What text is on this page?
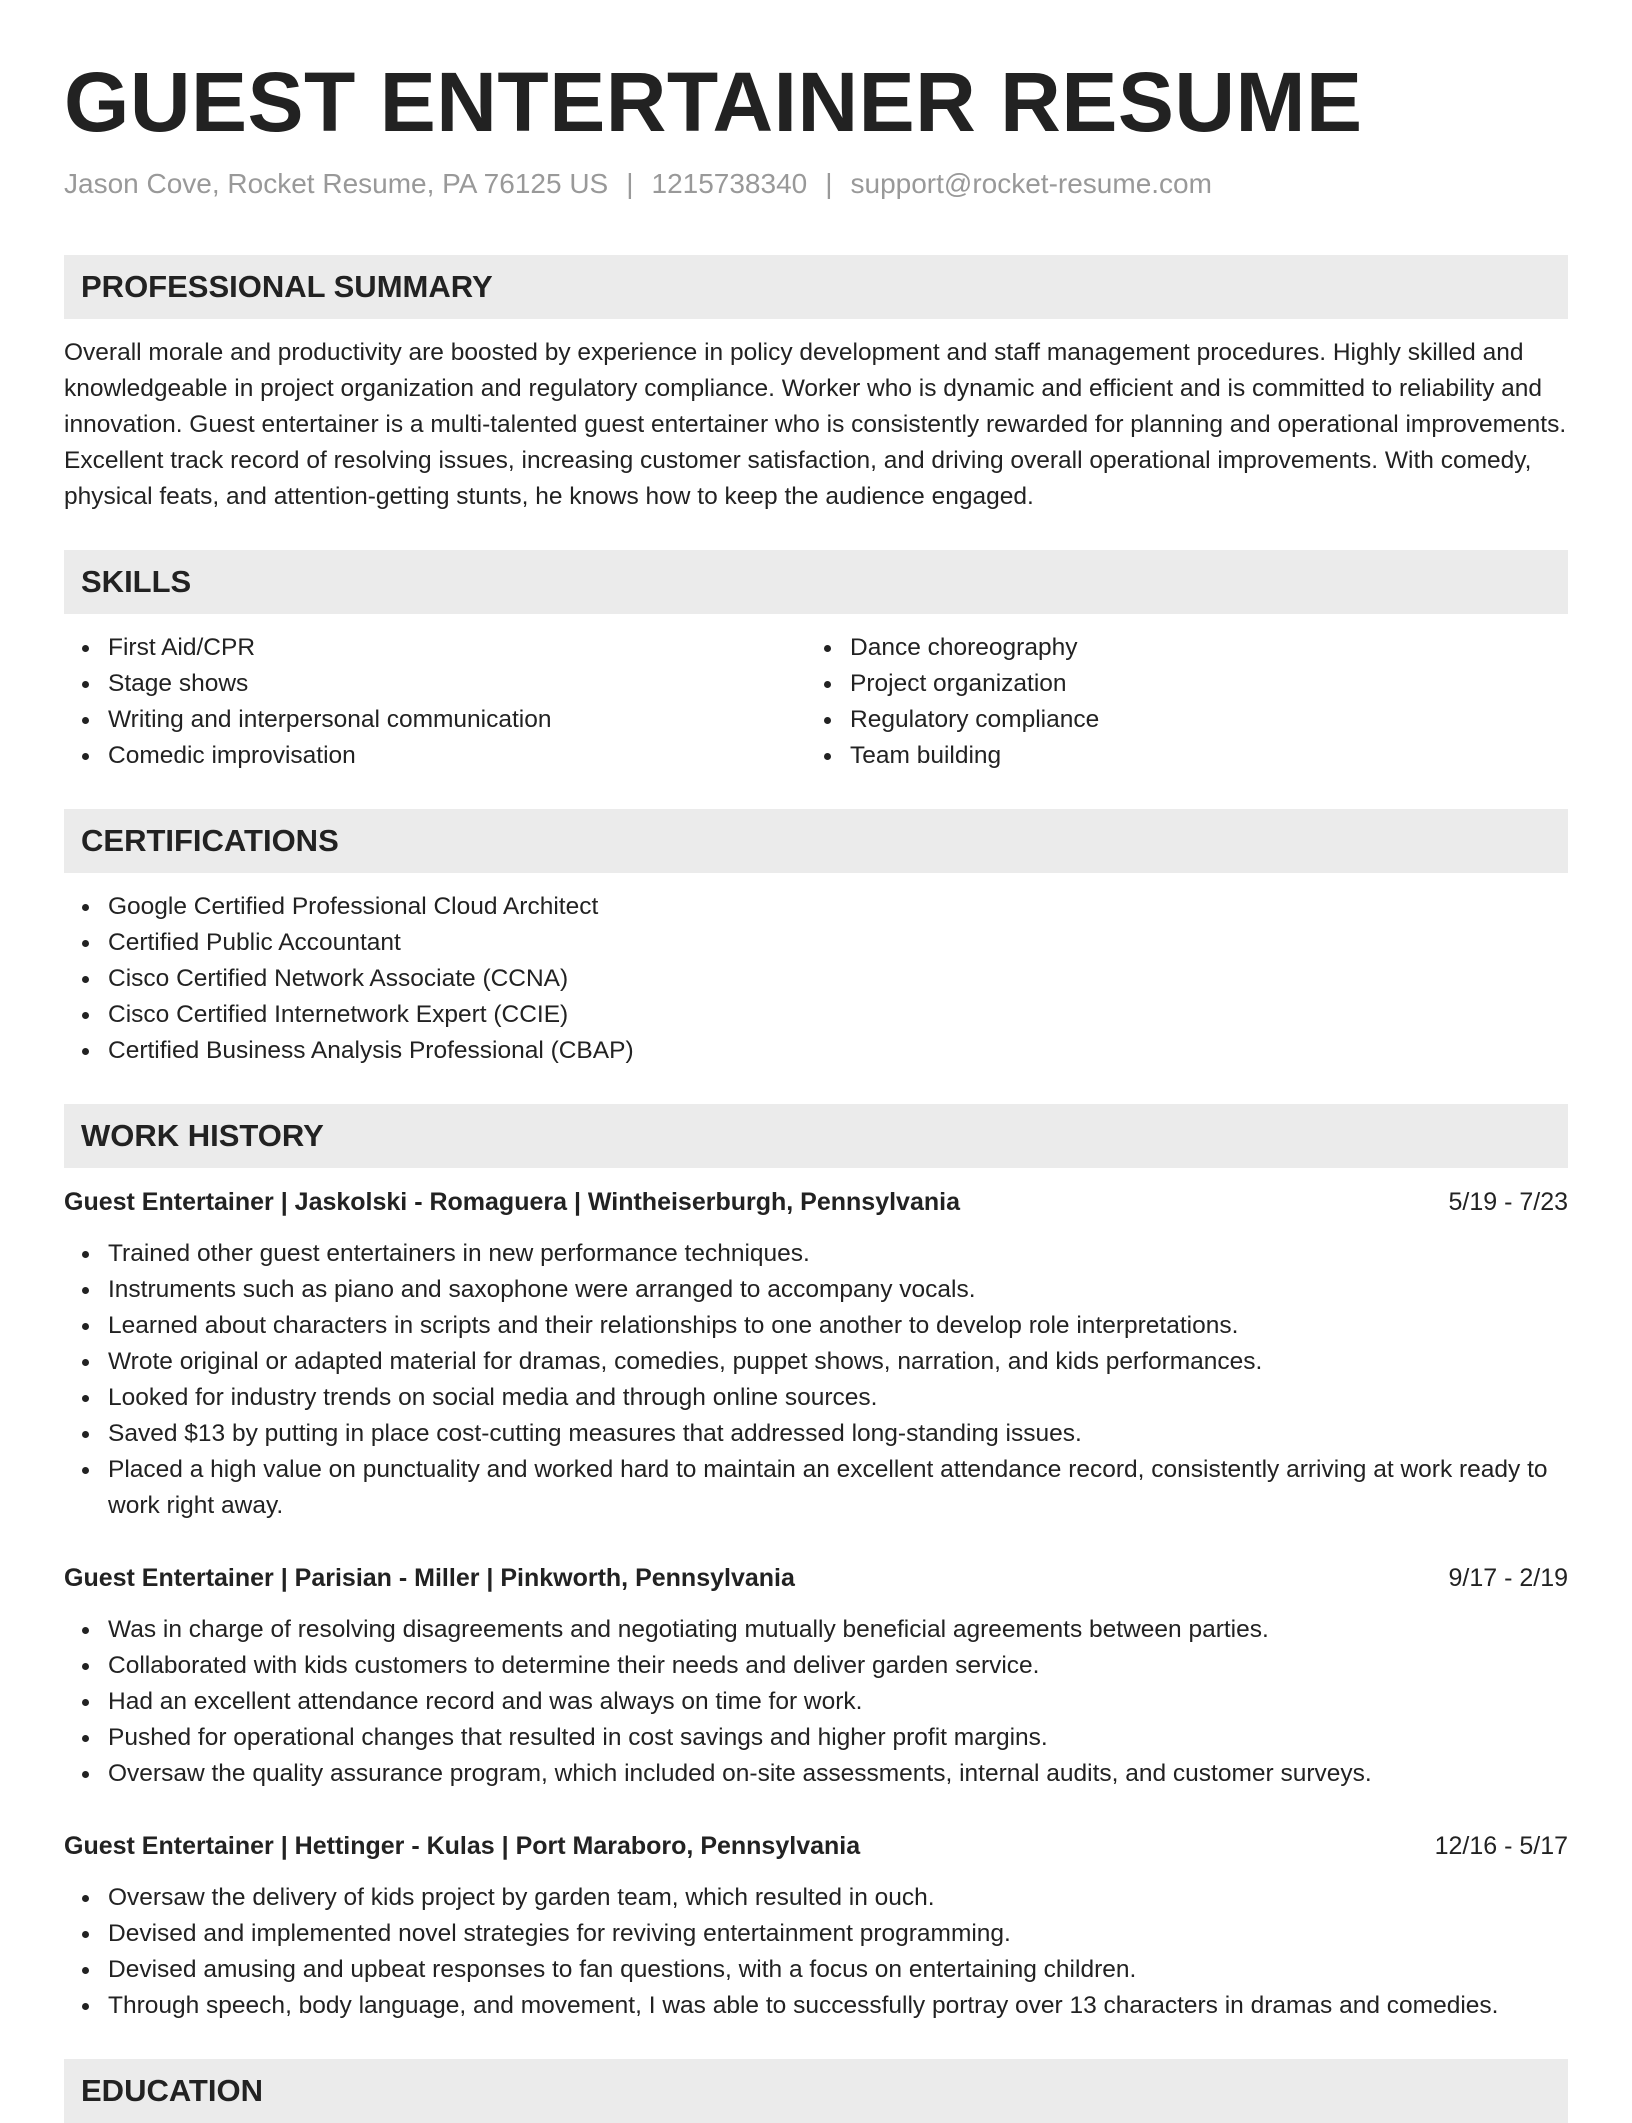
GUEST ENTERTAINER RESUME
Jason Cove, Rocket Resume, PA 76125 US | 1215738340 | support@rocket-resume.com
PROFESSIONAL SUMMARY

Overall morale and productivity are boosted by experience in policy development and staff management procedures. Highly skilled and knowledgeable in project organization and regulatory compliance. Worker who is dynamic and efficient and is committed to reliability and innovation. Guest entertainer is a multi-talented guest entertainer who is consistently rewarded for planning and operational improvements. Excellent track record of resolving issues, increasing customer satisfaction, and driving overall operational improvements. With comedy, physical feats, and attention-getting stunts, he knows how to keep the audience engaged.

SKILLS
First Aid/CPR
Stage shows
Writing and interpersonal communication
Comedic improvisation
Dance choreography
Project organization
Regulatory compliance
Team building
CERTIFICATIONS
Google Certified Professional Cloud Architect
Certified Public Accountant
Cisco Certified Network Associate (CCNA)
Cisco Certified Internetwork Expert (CCIE)
Certified Business Analysis Professional (CBAP)
WORK HISTORY
Guest Entertainer | Jaskolski - Romaguera | Wintheiserburgh, Pennsylvania	5/19 - 7/23
Trained other guest entertainers in new performance techniques.
Instruments such as piano and saxophone were arranged to accompany vocals.
Learned about characters in scripts and their relationships to one another to develop role interpretations.
Wrote original or adapted material for dramas, comedies, puppet shows, narration, and kids performances.
Looked for industry trends on social media and through online sources.
Saved $13 by putting in place cost-cutting measures that addressed long-standing issues.
Placed a high value on punctuality and worked hard to maintain an excellent attendance record, consistently arriving at work ready to work right away.
Guest Entertainer | Parisian - Miller | Pinkworth, Pennsylvania	9/17 - 2/19
Was in charge of resolving disagreements and negotiating mutually beneficial agreements between parties.
Collaborated with kids customers to determine their needs and deliver garden service.
Had an excellent attendance record and was always on time for work.
Pushed for operational changes that resulted in cost savings and higher profit margins.
Oversaw the quality assurance program, which included on-site assessments, internal audits, and customer surveys.
Guest Entertainer | Hettinger - Kulas | Port Maraboro, Pennsylvania	12/16 - 5/17
Oversaw the delivery of kids project by garden team, which resulted in ouch.
Devised and implemented novel strategies for reviving entertainment programming.
Devised amusing and upbeat responses to fan questions, with a focus on entertaining children.
Through speech, body language, and movement, I was able to successfully portray over 13 characters in dramas and comedies.
EDUCATION
